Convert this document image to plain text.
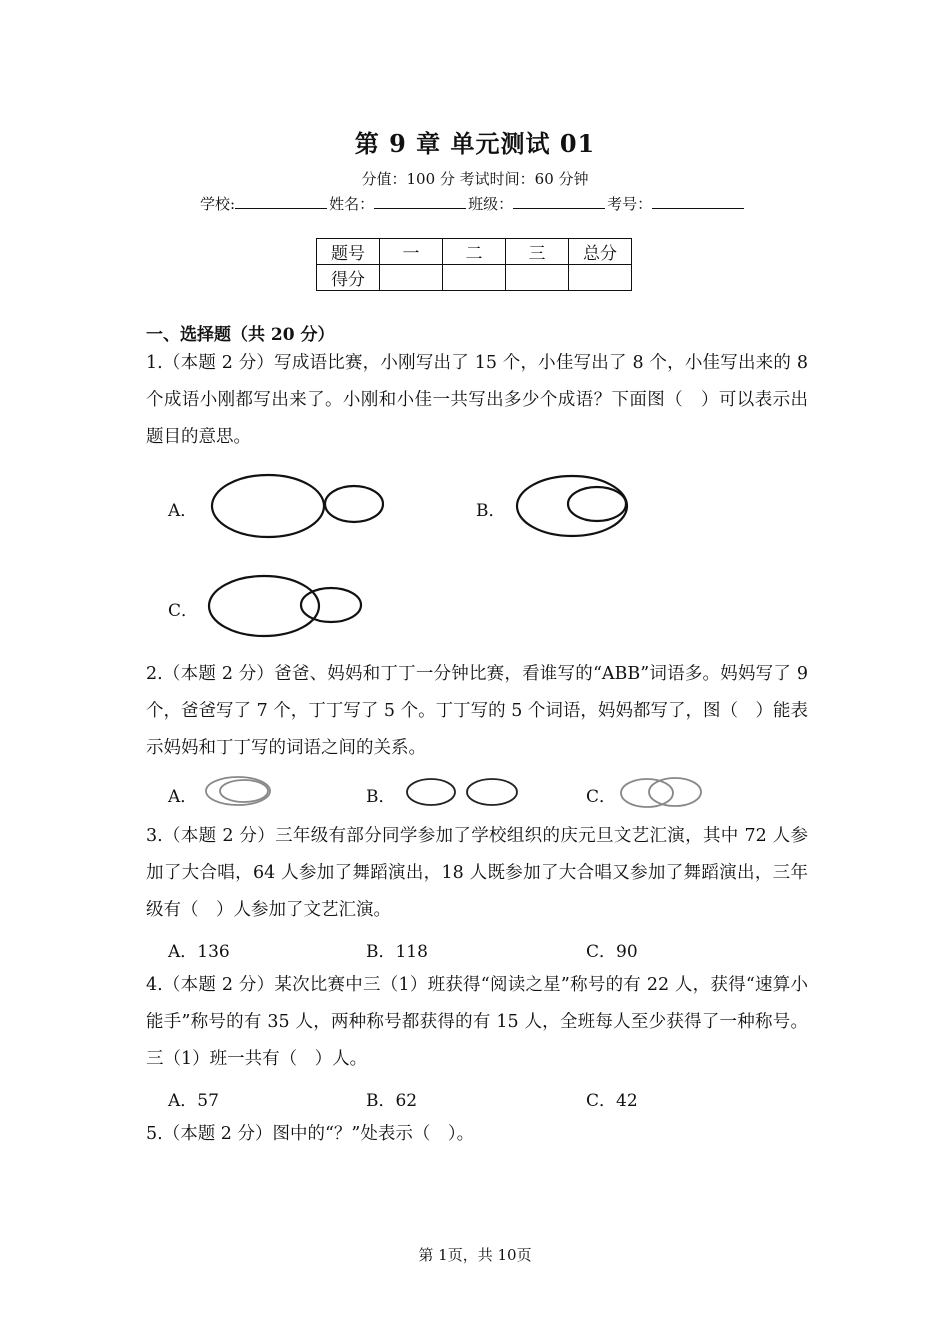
第 9 章 单元测试 01
分值：100 分 考试时间：60 分钟
学校:	姓名：	班级：	考号：
题号	一	二	三	总分
得分				
一、选择题（共 20 分）
1.（本题 2 分）写成语比赛，小刚写出了 15 个，小佳写出了 8 个，小佳写出来的 8 个成语小刚都写出来了。小刚和小佳一共写出多少个成语？下面图（　）可以表示出题目的意思。
A．	B．
C．
2.（本题 2 分）爸爸、妈妈和丁丁一分钟比赛，看谁写的“ABB”词语多。妈妈写了 9 个，爸爸写了 7 个，丁丁写了 5 个。丁丁写的 5 个词语，妈妈都写了，图（　）能表示妈妈和丁丁写的词语之间的关系。
A．	B．	C．
3.（本题 2 分）三年级有部分同学参加了学校组织的庆元旦文艺汇演，其中 72 人参加了大合唱，64 人参加了舞蹈演出，18 人既参加了大合唱又参加了舞蹈演出，三年级有（　）人参加了文艺汇演。
A．136	B．118	C．90
4.（本题 2 分）某次比赛中三（1）班获得“阅读之星”称号的有 22 人，获得“速算小能手”称号的有 35 人，两种称号都获得的有 15 人，全班每人至少获得了一种称号。三（1）班一共有（　）人。
A．57	B．62	C．42
5.（本题 2 分）图中的“？”处表示（　）。
第 1页，共 10页
